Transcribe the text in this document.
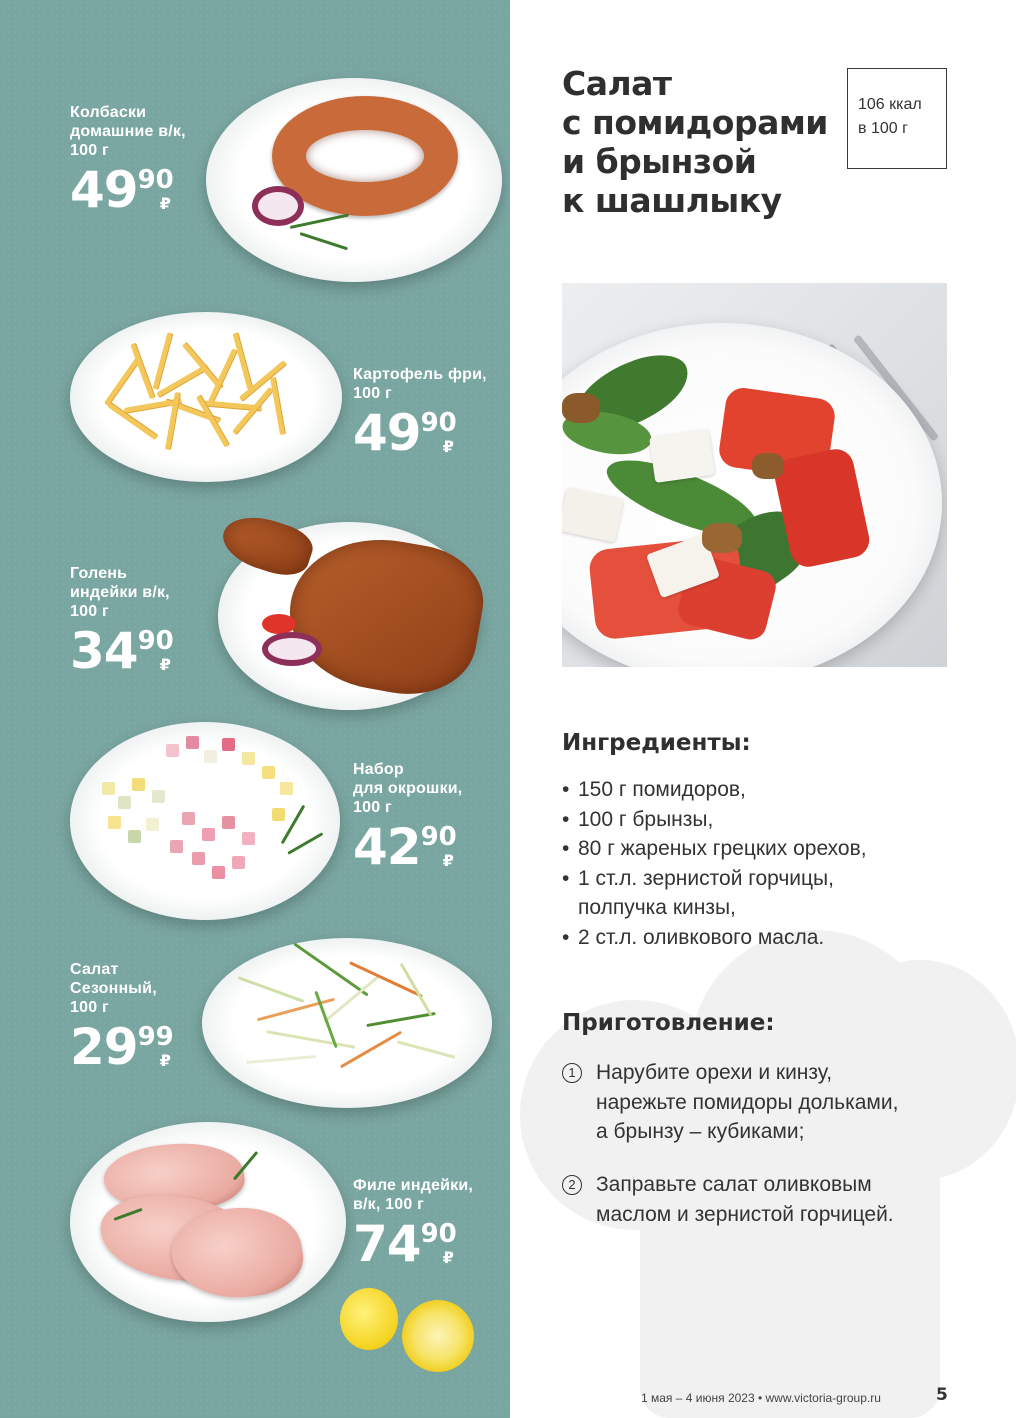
Колбаски
домашние в/к,
100 г
49 90
₽
Картофель фри,
100 г
49 90
₽
Голень
индейки в/к,
100 г
34 90
₽
Набор
для окрошки,
100 г
42 90
₽
Салат
Сезонный,
100 г
29 99
₽
Филе индейки,
в/к, 100 г
74 90
₽
Салат
с помидорами
и брынзой
к шашлыку
106 ккал
в 100 г
Ингредиенты:
• 150 г помидоров,
• 100 г брынзы,
• 80 г жареных грецких орехов,
• 1 ст.л. зернистой горчицы,
полпучка кинзы,
• 2 ст.л. оливкового масла.
Приготовление:
1 Нарубите орехи и кинзу,
нарежьте помидоры дольками,
а брынзу – кубиками;
2 Заправьте салат оливковым
маслом и зернистой горчицей.
1 мая – 4 июня 2023 • www.victoria-group.ru	5
